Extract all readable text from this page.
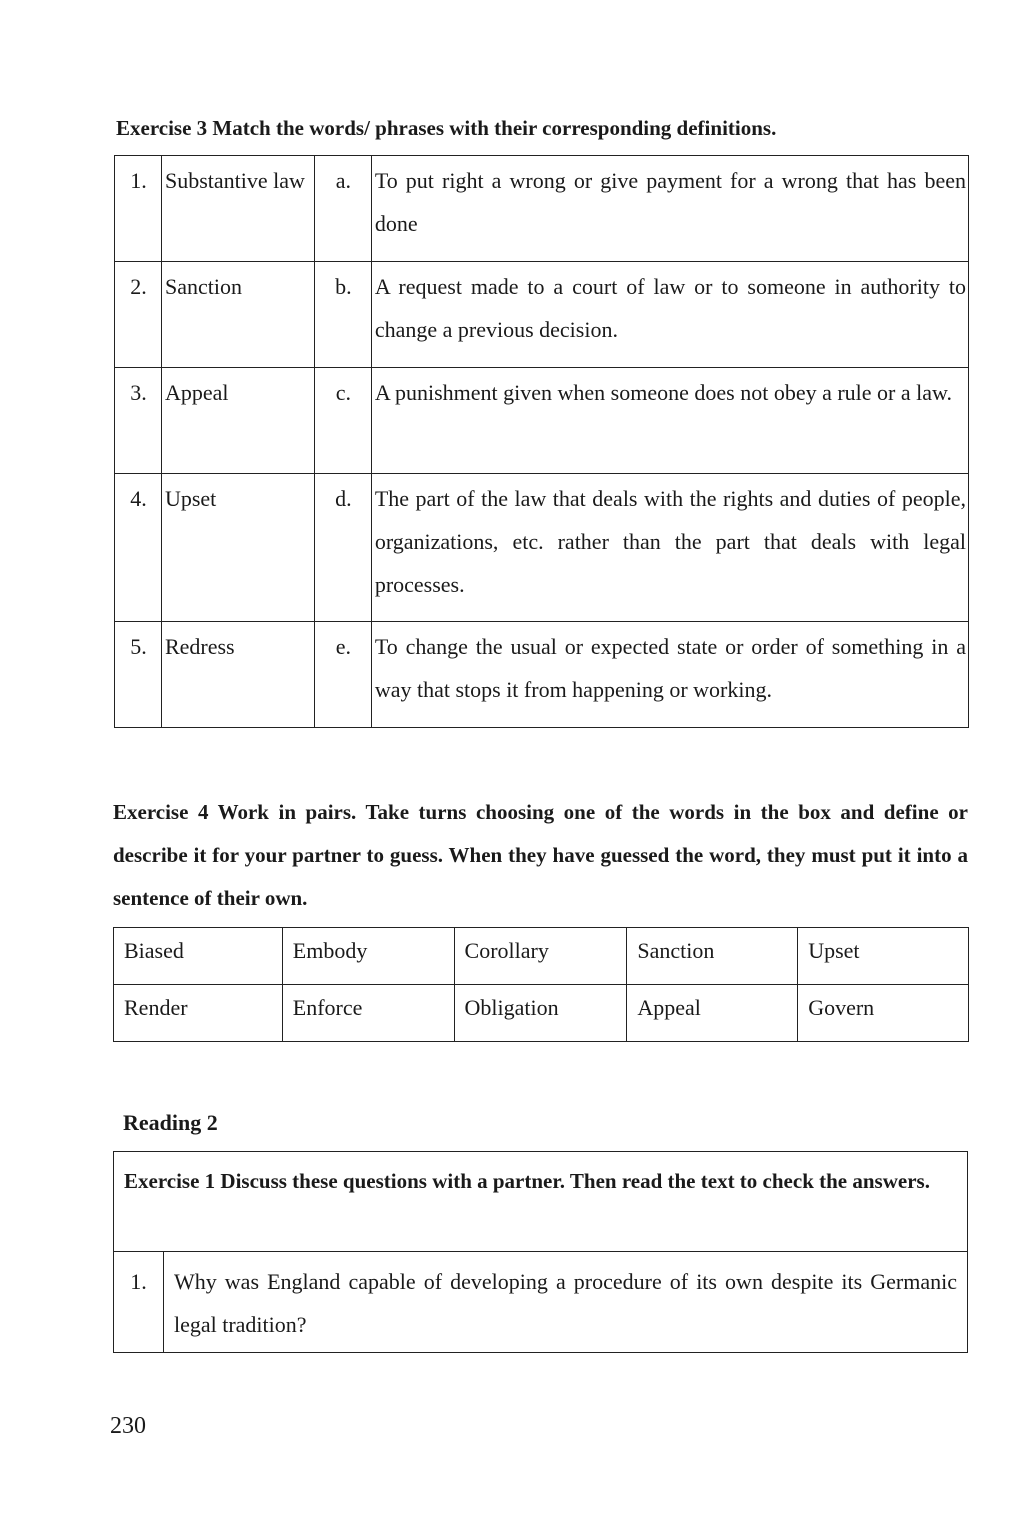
Exercise 3 Match the words/ phrases with their corresponding definitions.
1.	Substantive law	a.	To put right a wrong or give payment for a wrong that has been done
2.	Sanction	b.	A request made to a court of law or to someone in authority to change a previous decision.
3.	Appeal	c.	A punishment given when someone does not obey a rule or a law.
4.	Upset	d.	The part of the law that deals with the rights and duties of people, organizations, etc. rather than the part that deals with legal processes.
5.	Redress	e.	To change the usual or expected state or order of something in a way that stops it from happening or working.
Exercise 4 Work in pairs. Take turns choosing one of the words in the box and define or describe it for your partner to guess. When they have guessed the word, they must put it into a sentence of their own.
Biased	Embody	Corollary	Sanction	Upset
Render	Enforce	Obligation	Appeal	Govern
Reading 2
Exercise 1 Discuss these questions with a partner. Then read the text to check the answers.
1.	Why was England capable of developing a procedure of its own despite its Germanic legal tradition?
230
